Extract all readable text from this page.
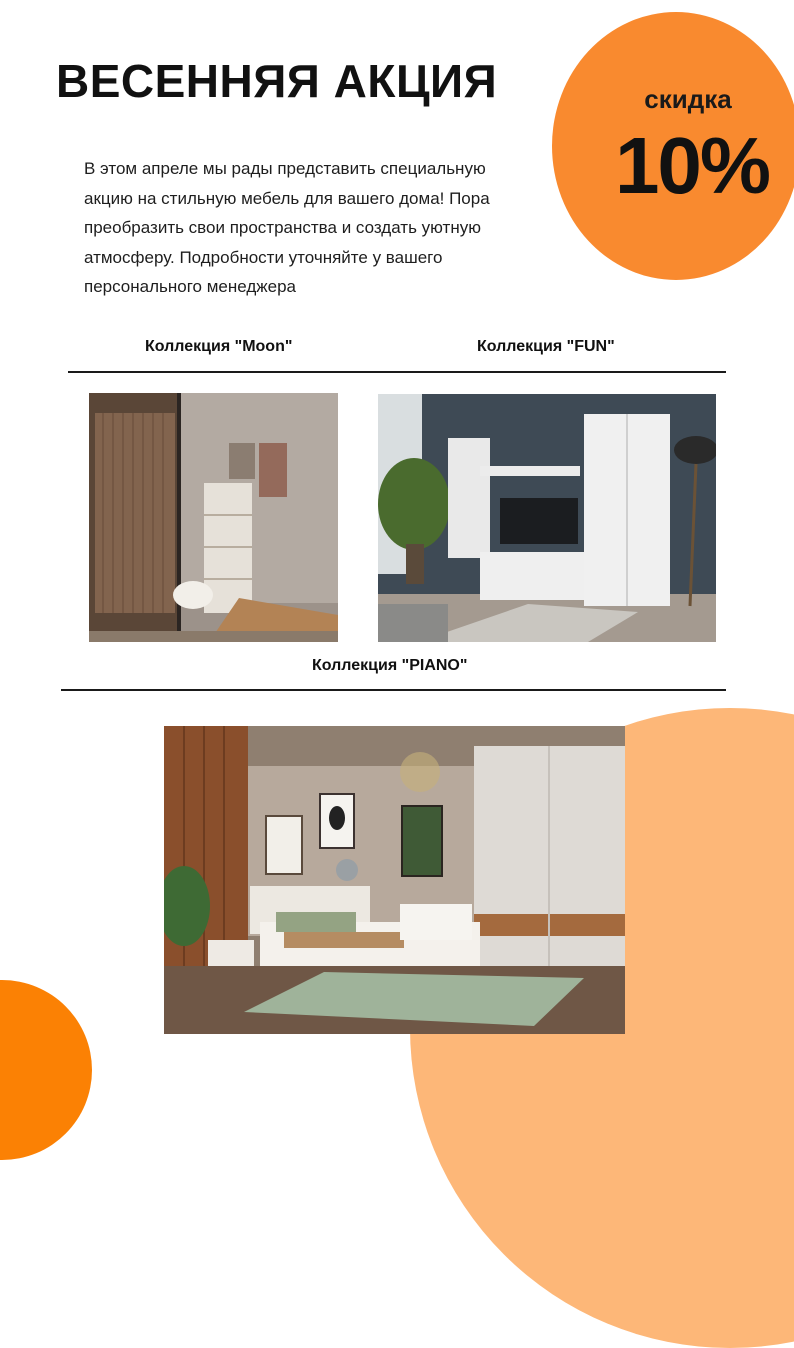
ВЕСЕННЯЯ АКЦИЯ	скидка
10%
В этом апреле мы рады представить специальную
акцию на стильную мебель для вашего дома! Пора
преобразить свои пространства и создать уютную
атмосферу. Подробности уточняйте у вашего
персонального менеджера
Коллекция "Moon"	Коллекция "FUN"
Коллекция "PIANO"
